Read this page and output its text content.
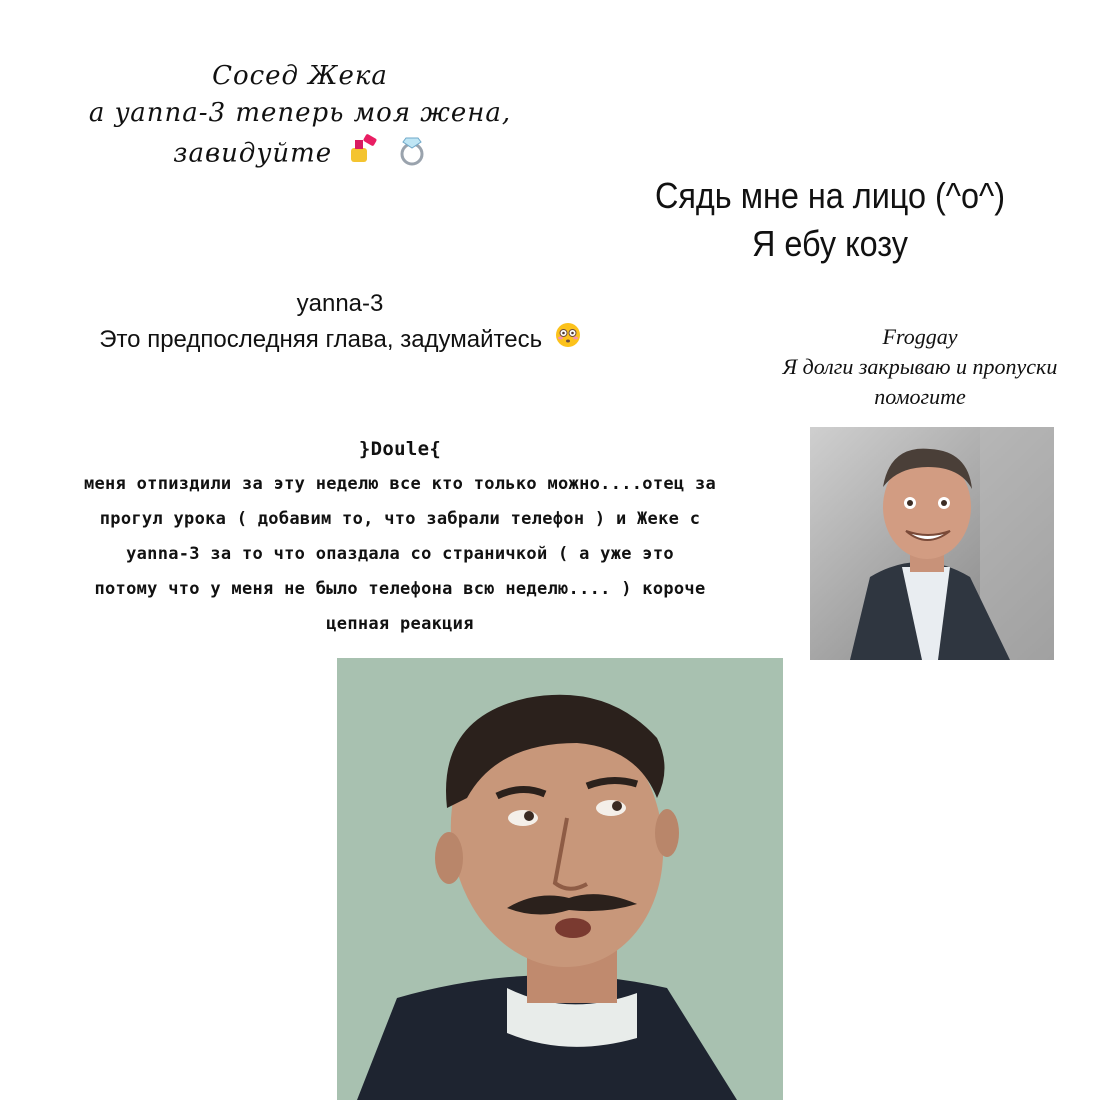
Сосед Жека
а yanna-3 теперь моя жена,
завидуйте
Сядь мне на лицо (^o^)
Я ебу козу
yanna-3
Это предпоследняя глава, задумайтесь	Froggay
Я долги закрываю и пропуски
помогите
}Doule{
меня отпиздили за эту неделю все кто только можно....отец за
прогул урока ( добавим то, что забрали телефон ) и Жеке с
yanna-3 за то что опаздала со страничкой ( а уже это
потому что у меня не было телефона всю неделю.... ) короче
цепная реакция
